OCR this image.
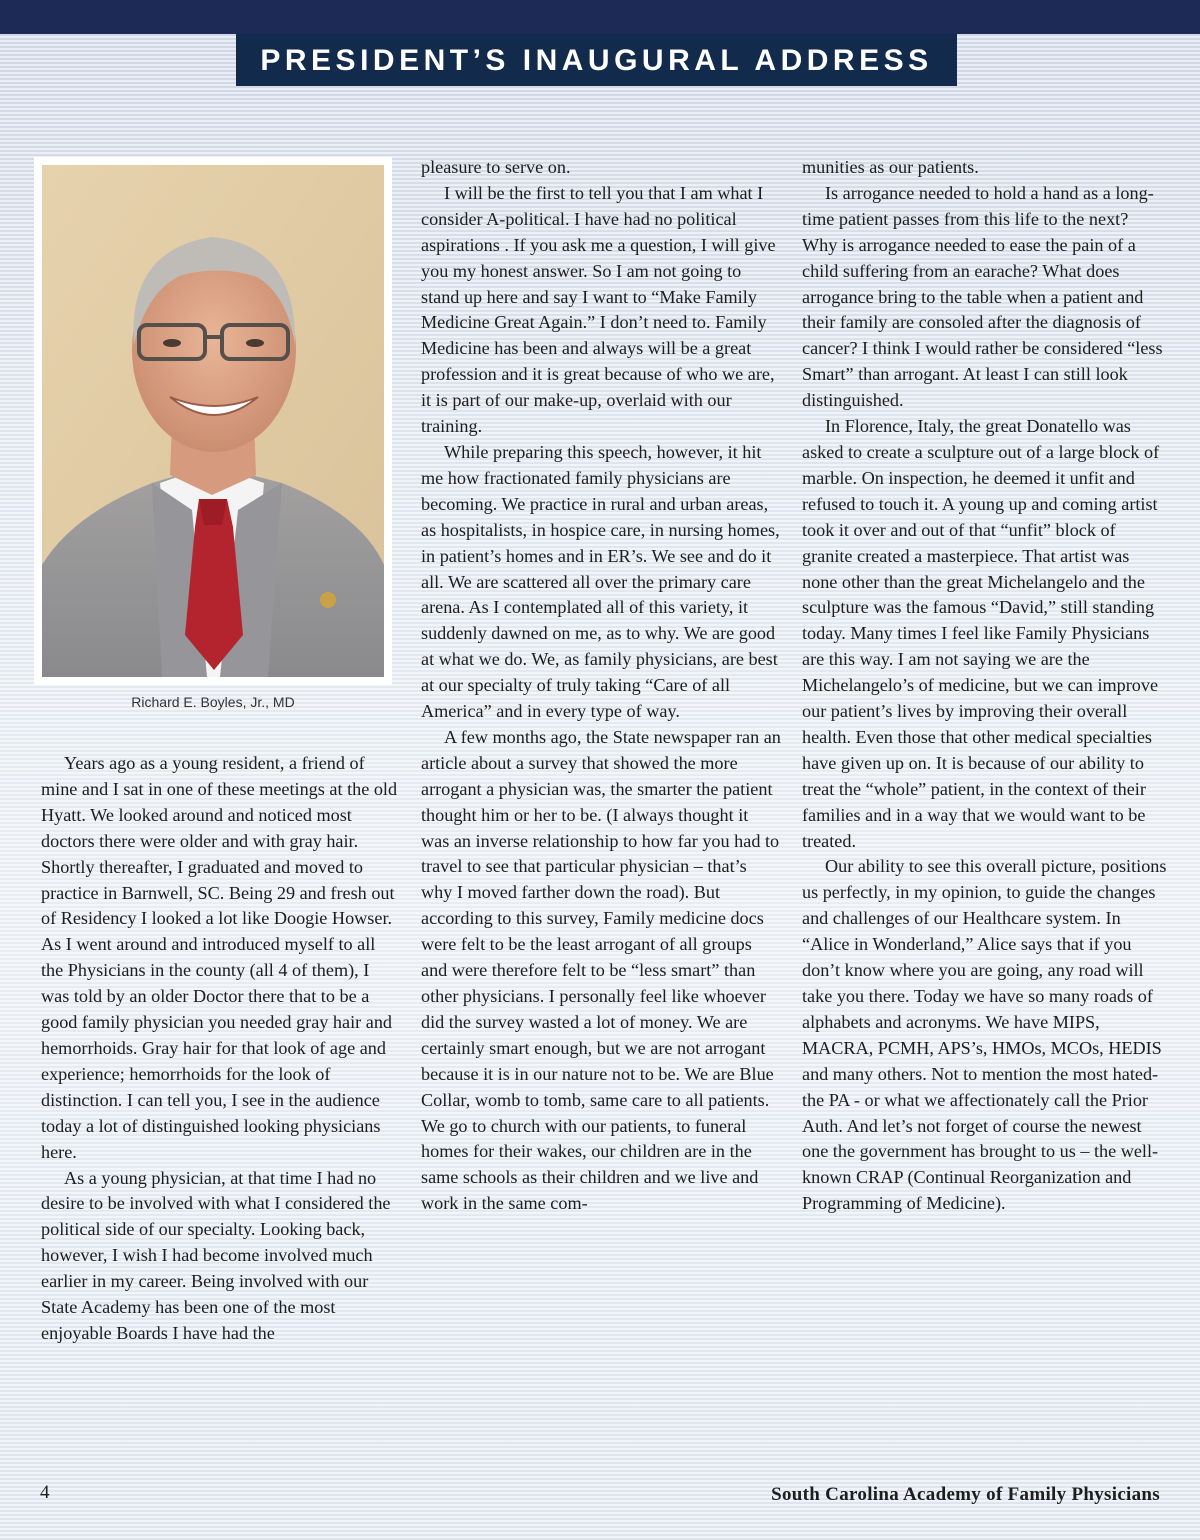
PRESIDENT’S INAUGURAL ADDRESS
Richard E. Boyles, Jr., MD

Years ago as a young resident, a friend of mine and I sat in one of these meetings at the old Hyatt. We looked around and noticed most doctors there were older and with gray hair. Shortly thereafter, I graduated and moved to practice in Barnwell, SC. Being 29 and fresh out of Residency I looked a lot like Doogie Howser. As I went around and introduced myself to all the Physicians in the county (all 4 of them), I was told by an older Doctor there that to be a good family physician you needed gray hair and hemorrhoids. Gray hair for that look of age and experience; hemorrhoids for the look of distinction. I can tell you, I see in the audience today a lot of distinguished looking physicians here.

As a young physician, at that time I had no desire to be involved with what I considered the political side of our specialty. Looking back, however, I wish I had become involved much earlier in my career. Being involved with our State Academy has been one of the most enjoyable Boards I have had the

pleasure to serve on.

I will be the first to tell you that I am what I consider A-political. I have had no political aspirations . If you ask me a question, I will give you my honest answer. So I am not going to stand up here and say I want to “Make Family Medicine Great Again.” I don’t need to. Family Medicine has been and always will be a great profession and it is great because of who we are, it is part of our make-up, overlaid with our training.

While preparing this speech, however, it hit me how fractionated family physicians are becoming. We practice in rural and urban areas, as hospitalists, in hospice care, in nursing homes, in patient’s homes and in ER’s. We see and do it all. We are scattered all over the primary care arena. As I contemplated all of this variety, it suddenly dawned on me, as to why. We are good at what we do. We, as family physicians, are best at our specialty of truly taking “Care of all America” and in every type of way.

A few months ago, the State newspaper ran an article about a survey that showed the more arrogant a physician was, the smarter the patient thought him or her to be. (I always thought it was an inverse relationship to how far you had to travel to see that particular physician – that’s why I moved farther down the road). But according to this survey, Family medicine docs were felt to be the least arrogant of all groups and were therefore felt to be “less smart” than other physicians. I personally feel like whoever did the survey wasted a lot of money. We are certainly smart enough, but we are not arrogant because it is in our nature not to be. We are Blue Collar, womb to tomb, same care to all patients. We go to church with our patients, to funeral homes for their wakes, our children are in the same schools as their children and we live and work in the same com-

munities as our patients.

Is arrogance needed to hold a hand as a long-time patient passes from this life to the next? Why is arrogance needed to ease the pain of a child suffering from an earache? What does arrogance bring to the table when a patient and their family are consoled after the diagnosis of cancer? I think I would rather be considered “less Smart” than arrogant. At least I can still look distinguished.

In Florence, Italy, the great Donatello was asked to create a sculpture out of a large block of marble. On inspection, he deemed it unfit and refused to touch it. A young up and coming artist took it over and out of that “unfit” block of granite created a masterpiece. That artist was none other than the great Michelangelo and the sculpture was the famous “David,” still standing today. Many times I feel like Family Physicians are this way. I am not saying we are the Michelangelo’s of medicine, but we can improve our patient’s lives by improving their overall health. Even those that other medical specialties have given up on. It is because of our ability to treat the “whole” patient, in the context of their families and in a way that we would want to be treated.

Our ability to see this overall picture, positions us perfectly, in my opinion, to guide the changes and challenges of our Healthcare system. In “Alice in Wonderland,” Alice says that if you don’t know where you are going, any road will take you there. Today we have so many roads of alphabets and acronyms. We have MIPS, MACRA, PCMH, APS’s, HMOs, MCOs, HEDIS and many others. Not to mention the most hated- the PA - or what we affectionately call the Prior Auth. And let’s not forget of course the newest one the government has brought to us – the well-known CRAP (Continual Reorganization and Programming of Medicine).

4	South Carolina Academy of Family Physicians
